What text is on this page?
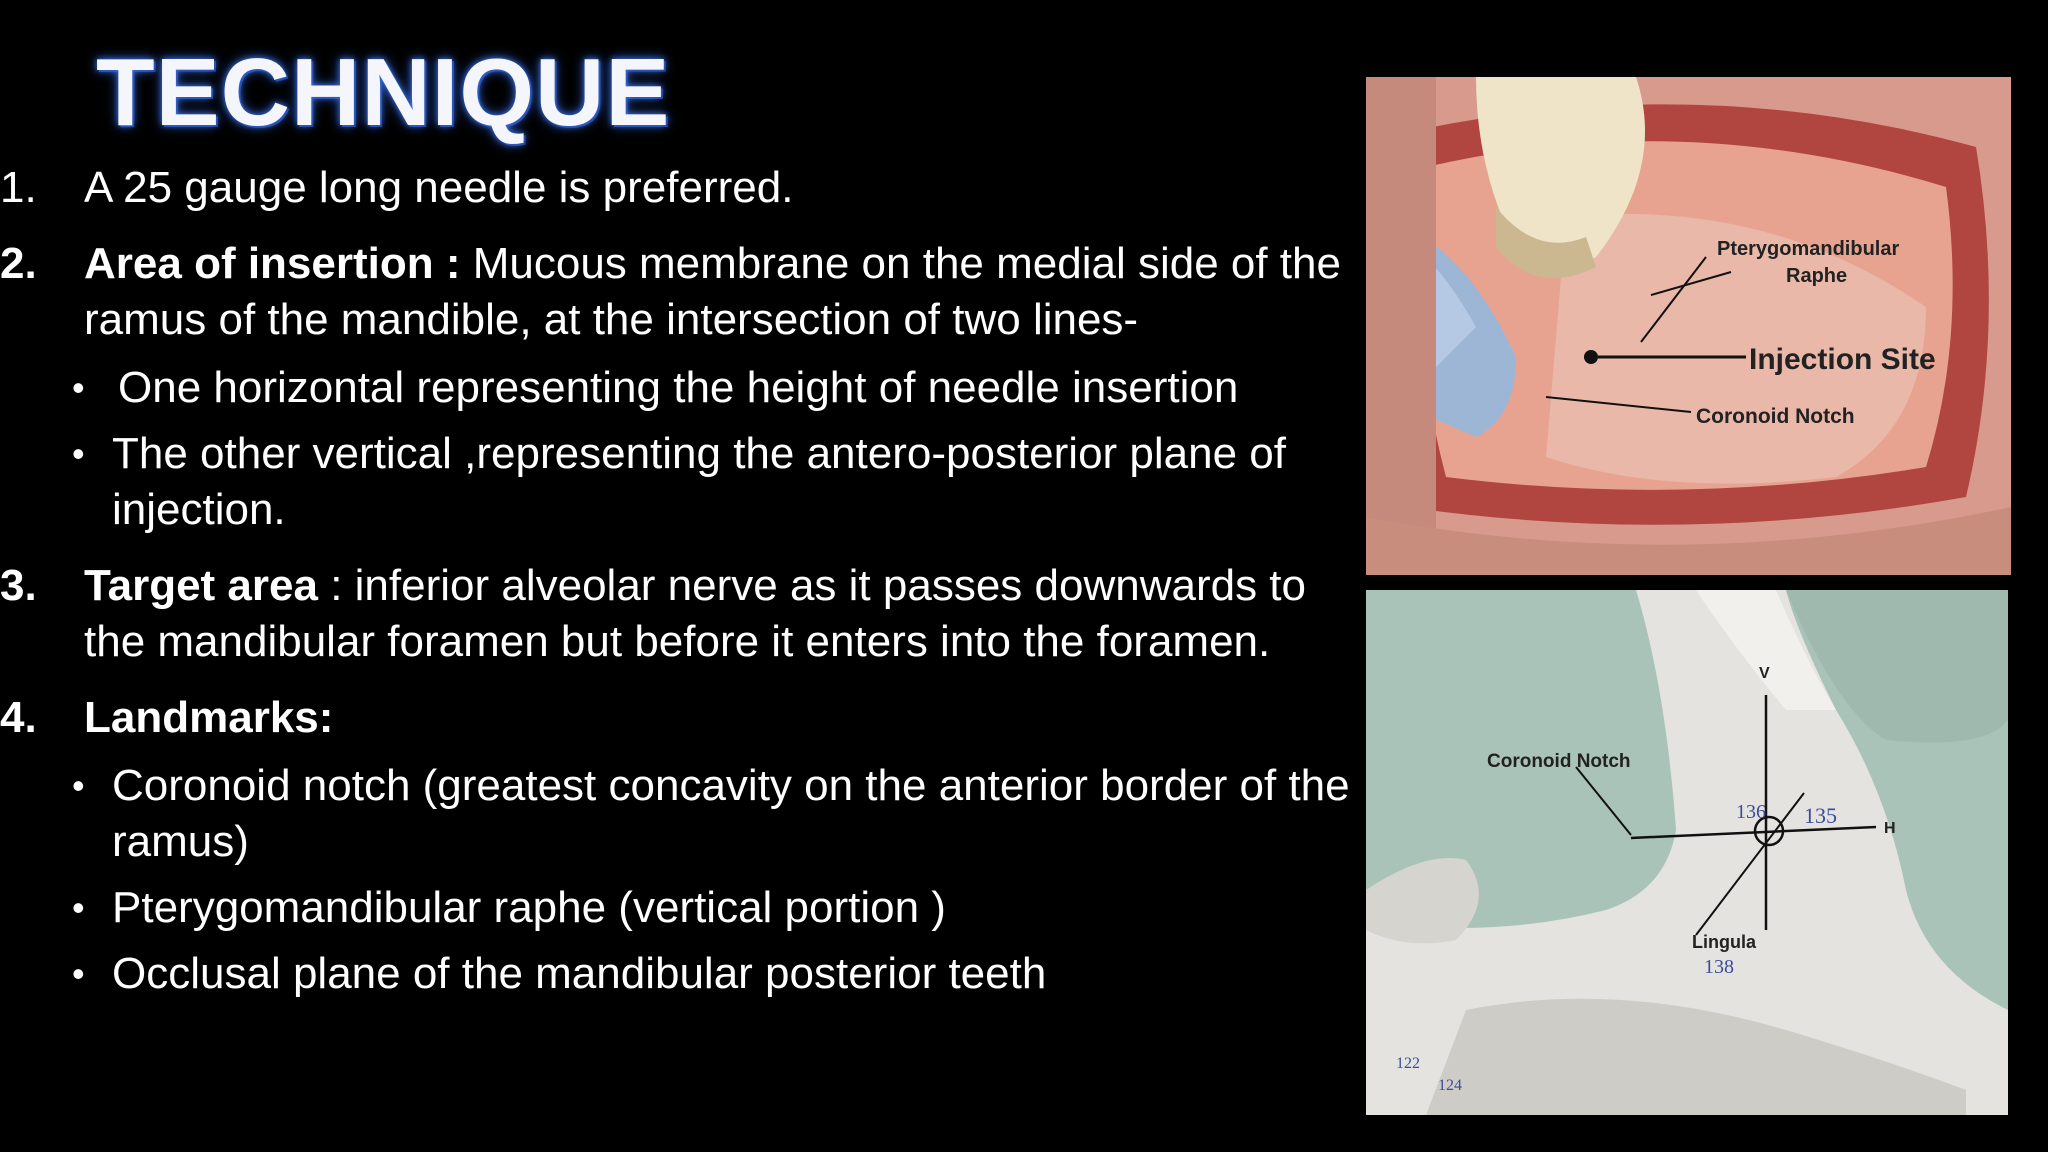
TECHNIQUE
1. A 25 gauge long needle is preferred.
2. Area of insertion : Mucous membrane on the medial side of the ramus of the mandible, at the intersection of two lines-
• One horizontal representing the height of needle insertion
• The other vertical ,representing the antero-posterior plane of injection.
3. Target area : inferior alveolar nerve as it passes downwards to the mandibular foramen but before it enters into the foramen.
4. Landmarks:
• Coronoid notch (greatest concavity on the anterior border of the ramus)
• Pterygomandibular raphe (vertical portion )
• Occlusal plane of the mandibular posterior teeth
Pterygomandibular
Raphe
Injection Site
Coronoid Notch
V
H
Coronoid Notch
Lingula
136 135
138
122
124
